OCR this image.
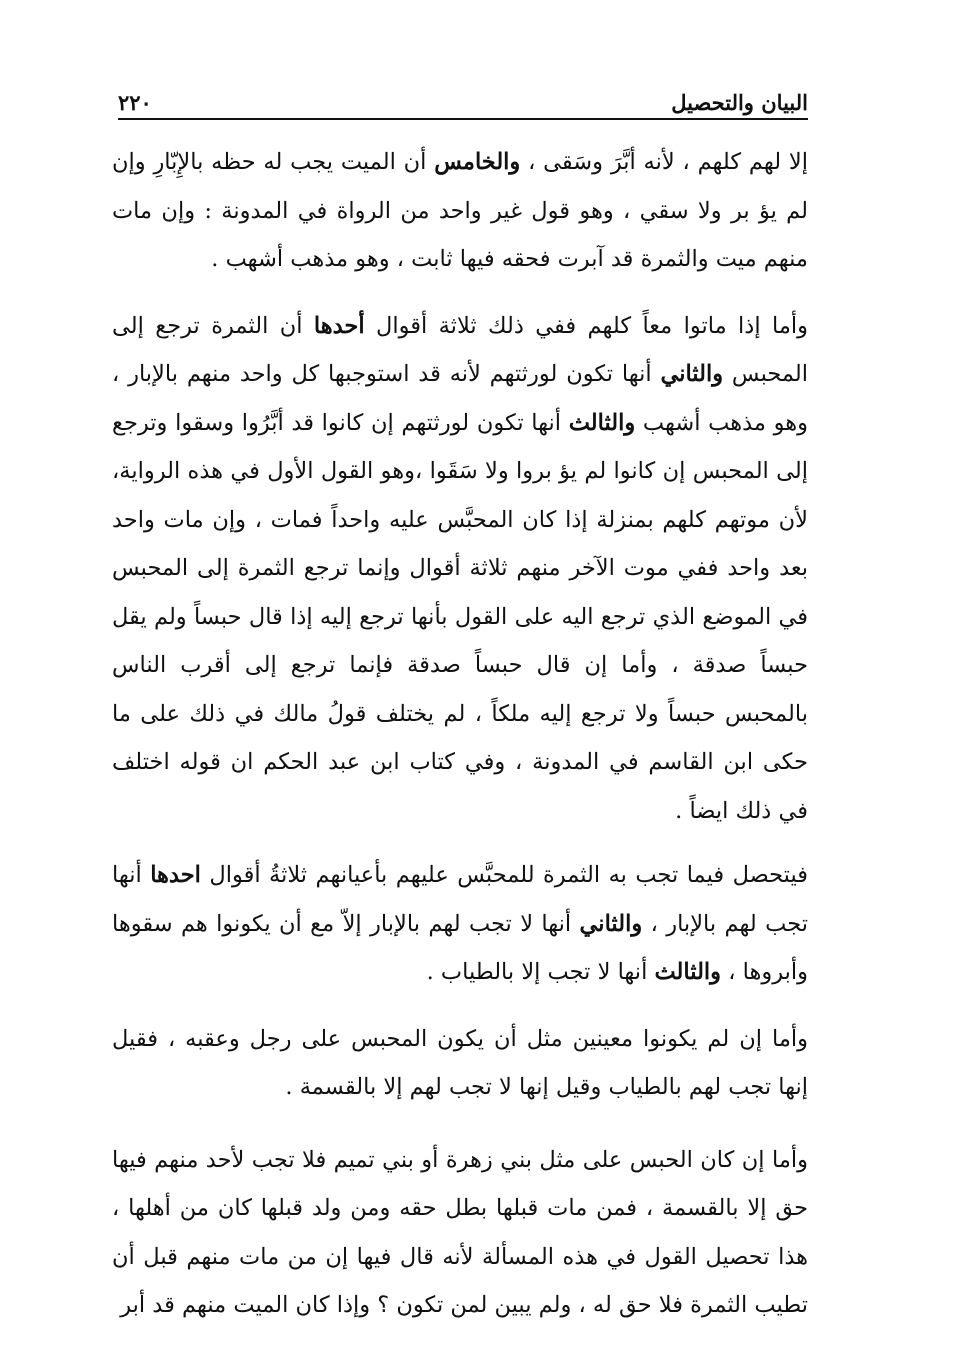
٢٢٠	البيان والتحصيل

إلا لهم كلهم ، لأنه أبَّرَ وسَقى ، والخامس أن الميت يجب له حظه بالإِبّارِ وإن لم يؤ بر ولا سقي ، وهو قول غير واحد من الرواة في المدونة : وإن مات منهم ميت والثمرة قد آبرت فحقه فيها ثابت ، وهو مذهب أشهب .

وأما إذا ماتوا معاً كلهم ففي ذلك ثلاثة أقوال أحدها أن الثمرة ترجع إلى المحبس والثاني أنها تكون لورثتهم لأنه قد استوجبها كل واحد منهم بالإبار ، وهو مذهب أشهب والثالث أنها تكون لورثتهم إن كانوا قد أبَّرُوا وسقوا وترجع إلى المحبس إن كانوا لم يؤ بروا ولا سَقَوا ،وهو القول الأول في هذه الرواية، لأن موتهم كلهم بمنزلة إذا كان المحبَّس عليه واحداً فمات ، وإن مات واحد بعد واحد ففي موت الآخر منهم ثلاثة أقوال وإنما ترجع الثمرة إلى المحبس في الموضع الذي ترجع اليه على القول بأنها ترجع إليه إذا قال حبساً ولم يقل حبساً صدقة ، وأما إن قال حبساً صدقة فإنما ترجع إلى أقرب الناس بالمحبس حبساً ولا ترجع إليه ملكاً ، لم يختلف قولُ مالك في ذلك على ما حكى ابن القاسم في المدونة ، وفي كتاب ابن عبد الحكم ان قوله اختلف في ذلك ايضاً .

فيتحصل فيما تجب به الثمرة للمحبَّس عليهم بأعيانهم ثلاثةُ أقوال احدها أنها تجب لهم بالإبار ، والثاني أنها لا تجب لهم بالإبار إلاّ مع أن يكونوا هم سقوها وأبروها ، والثالث أنها لا تجب إلا بالطياب .

وأما إن لم يكونوا معينين مثل أن يكون المحبس على رجل وعقبه ، فقيل إنها تجب لهم بالطياب وقيل إنها لا تجب لهم إلا بالقسمة .

وأما إن كان الحبس على مثل بني زهرة أو بني تميم فلا تجب لأحد منهم فيها حق إلا بالقسمة ، فمن مات قبلها بطل حقه ومن ولد قبلها كان من أهلها ، هذا تحصيل القول في هذه المسألة لأنه قال فيها إن من مات منهم قبل أن تطيب الثمرة فلا حق له ، ولم يبين لمن تكون ؟ وإذا كان الميت منهم قد أبر
